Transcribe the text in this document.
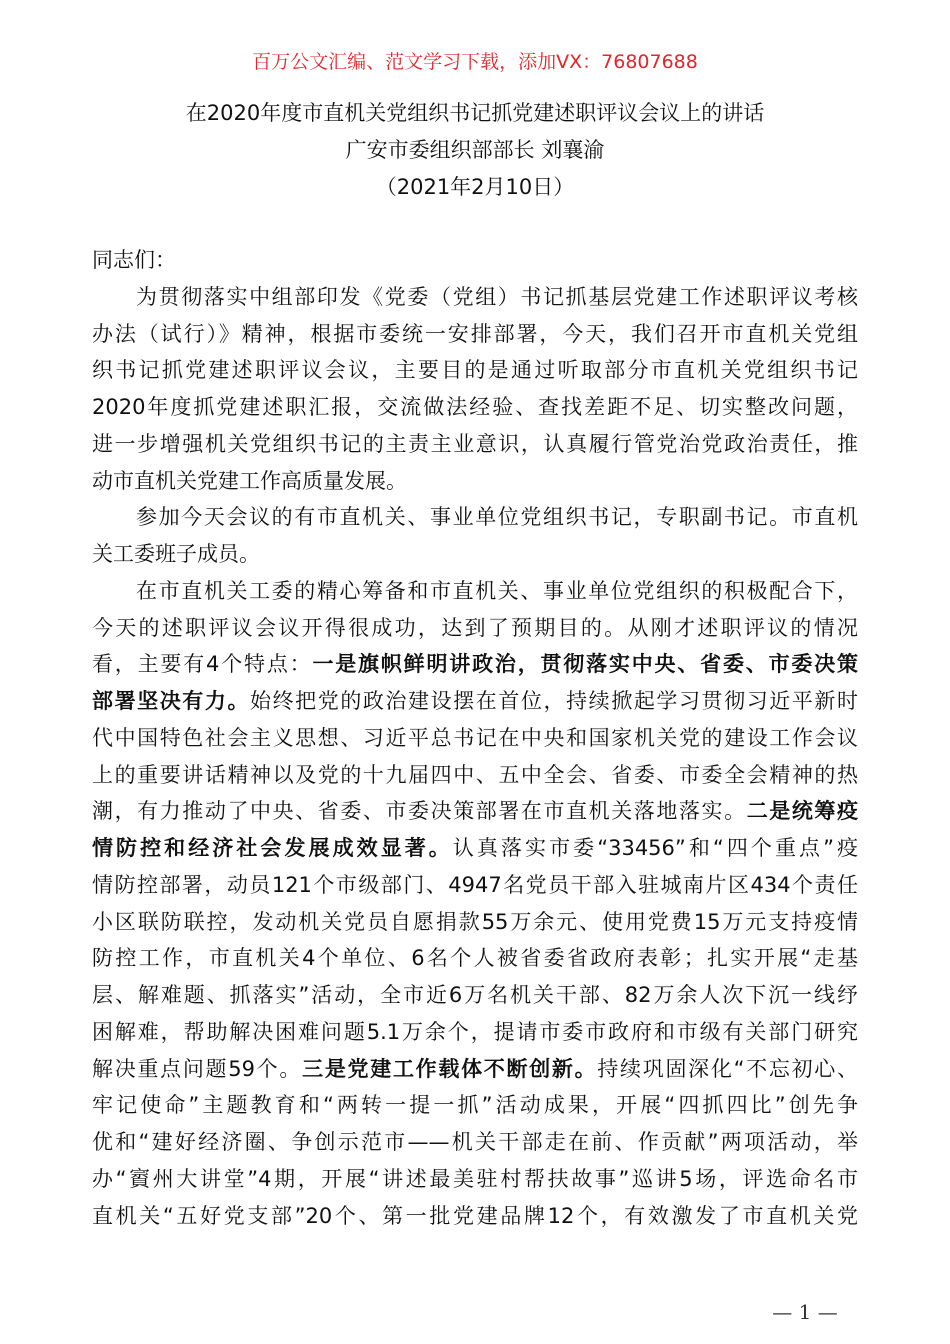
百万公文汇编、范文学习下载，添加VX：76807688
在2020年度市直机关党组织书记抓党建述职评议会议上的讲话
广安市委组织部部长 刘襄渝
（2021年2月10日）
同志们：
为贯彻落实中组部印发《党委（党组）书记抓基层党建工作述职评议考核
办法（试行）》精神，根据市委统一安排部署，今天，我们召开市直机关党组
织书记抓党建述职评议会议，主要目的是通过听取部分市直机关党组织书记
2020年度抓党建述职汇报，交流做法经验、查找差距不足、切实整改问题，
进一步增强机关党组织书记的主责主业意识，认真履行管党治党政治责任，推
动市直机关党建工作高质量发展。
参加今天会议的有市直机关、事业单位党组织书记，专职副书记。市直机
关工委班子成员。
在市直机关工委的精心筹备和市直机关、事业单位党组织的积极配合下，
今天的述职评议会议开得很成功，达到了预期目的。从刚才述职评议的情况
看，主要有4个特点：一是旗帜鲜明讲政治，贯彻落实中央、省委、市委决策
部署坚决有力。始终把党的政治建设摆在首位，持续掀起学习贯彻习近平新时
代中国特色社会主义思想、习近平总书记在中央和国家机关党的建设工作会议
上的重要讲话精神以及党的十九届四中、五中全会、省委、市委全会精神的热
潮，有力推动了中央、省委、市委决策部署在市直机关落地落实。二是统筹疫
情防控和经济社会发展成效显著。认真落实市委“33456”和“四个重点”疫
情防控部署，动员121个市级部门、4947名党员干部入驻城南片区434个责任
小区联防联控，发动机关党员自愿捐款55万余元、使用党费15万元支持疫情
防控工作，市直机关4个单位、6名个人被省委省政府表彰；扎实开展“走基
层、解难题、抓落实”活动，全市近6万名机关干部、82万余人次下沉一线纾
困解难，帮助解决困难问题5.1万余个，提请市委市政府和市级有关部门研究
解决重点问题59个。三是党建工作载体不断创新。持续巩固深化“不忘初心、
牢记使命”主题教育和“两转一提一抓”活动成果，开展“四抓四比”创先争
优和“建好经济圈、争创示范市——机关干部走在前、作贡献”两项活动，举
办“賨州大讲堂”4期，开展“讲述最美驻村帮扶故事”巡讲5场，评选命名市
直机关“五好党支部”20个、第一批党建品牌12个，有效激发了市直机关党
— 1 —
